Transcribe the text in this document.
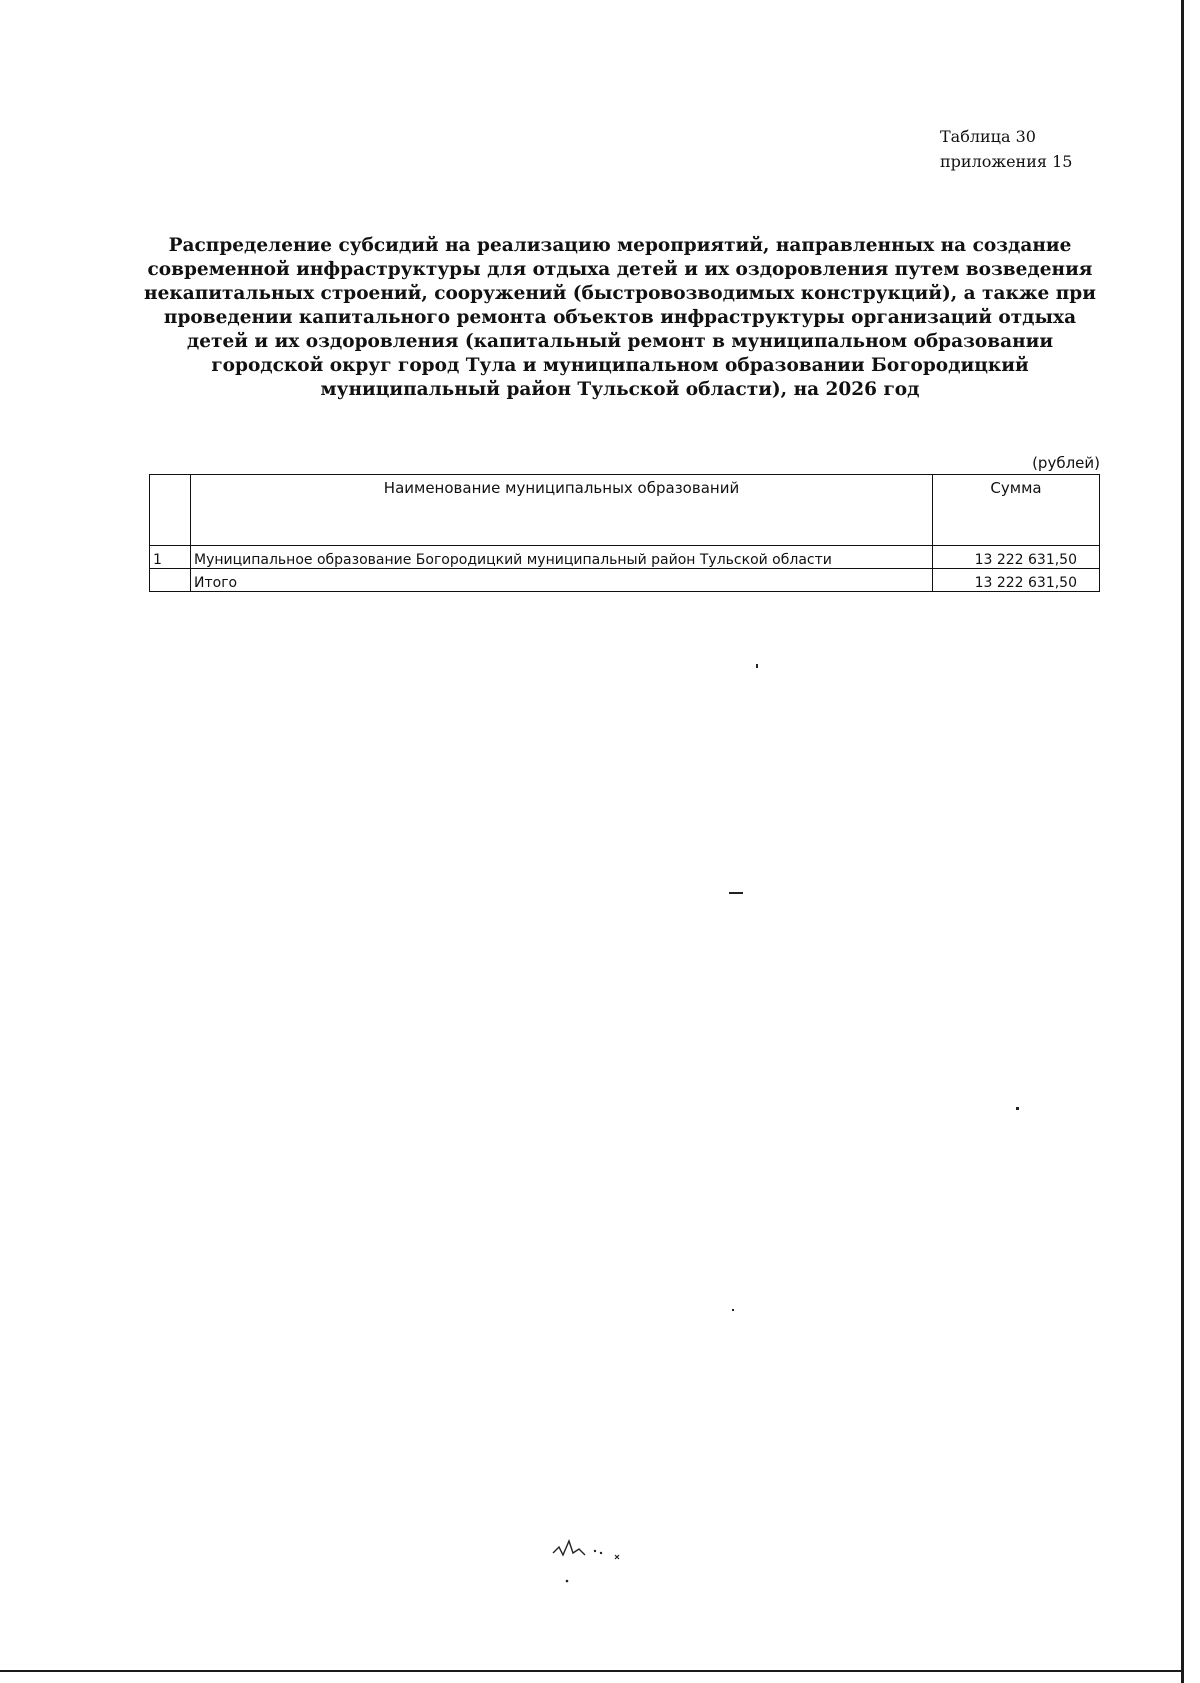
Таблица 30
приложения 15
Распределение субсидий на реализацию мероприятий, направленных на создание современной инфраструктуры для отдыха детей и их оздоровления путем возведения некапитальных строений, сооружений (быстровозводимых конструкций), а также при проведении капитального ремонта объектов инфраструктуры организаций отдыха детей и их оздоровления (капитальный ремонт в муниципальном образовании городской округ город Тула и муниципальном образовании Богородицкий муниципальный район Тульской области), на 2026 год
(рублей)
	Наименование муниципальных образований	Сумма
1	Муниципальное образование Богородицкий муниципальный район Тульской области	13 222 631,50
	Итого	13 222 631,50
